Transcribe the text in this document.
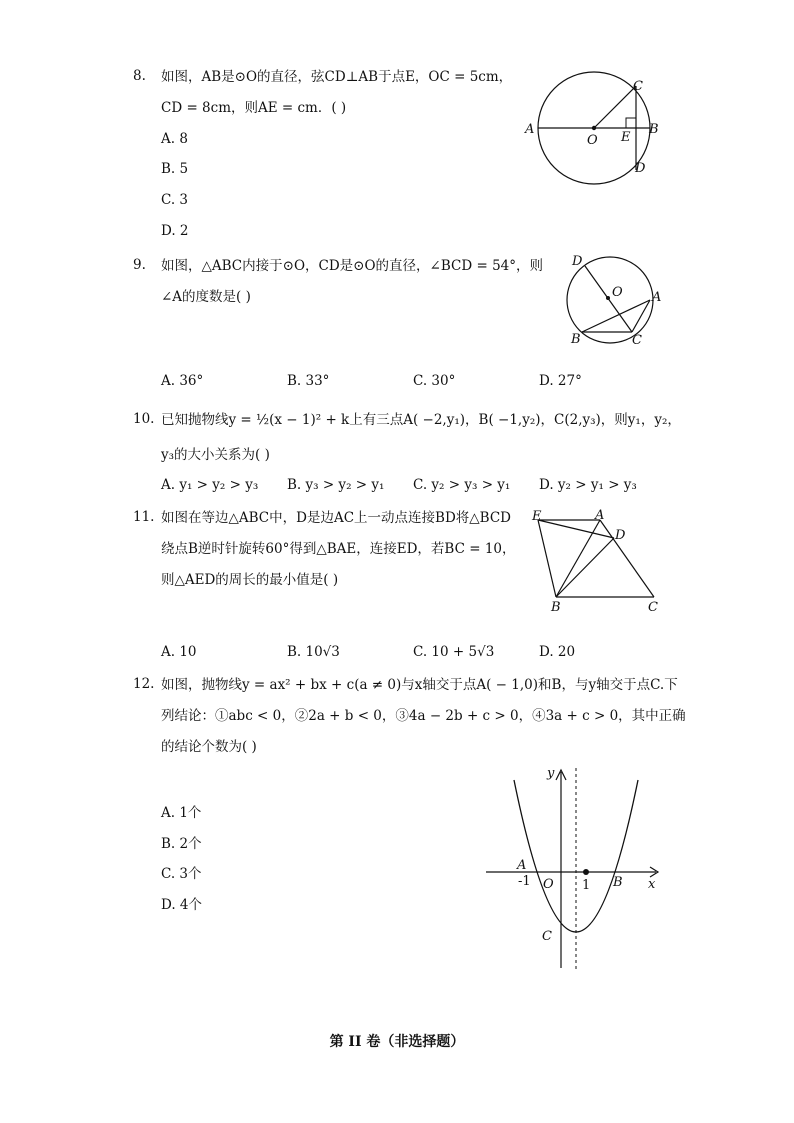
8. 如图，AB是⊙O的直径，弦CD⊥AB于点E，OC = 5cm，
CD = 8cm，则AE = cm．( )
A. 8
B. 5
C. 3
D. 2
A
O E
B
C
D
9. 如图，△ABC内接于⊙O，CD是⊙O的直径，∠BCD = 54°，则
∠A的度数是( )
A. 36°	B. 33°	C. 30°	D. 27°
D
O A
B	C
10. 已知抛物线y = ½(x − 1)² + k上有三点A( −2,y₁)，B( −1,y₂)，C(2,y₃)，则y₁，y₂，
y₃的大小关系为( )
A. y₁ > y₂ > y₃ B. y₃ > y₂ > y₁ C. y₂ > y₃ > y₁ D. y₂ > y₁ > y₃
11. 如图在等边△ABC中，D是边AC上一动点连接BD将△BCD
绕点B逆时针旋转60°得到△BAE，连接ED，若BC = 10，
则△AED的周长的最小值是( )
A. 10	B. 10√3	C. 10 + 5√3	D. 20
E	A
D
B	C
12. 如图，抛物线y = ax² + bx + c(a ≠ 0)与x轴交于点A( − 1,0)和B，与y轴交于点C.下
列结论：①abc < 0，②2a + b < 0，③4a − 2b + c > 0，④3a + c > 0，其中正确
的结论个数为( )
A. 1个
B. 2个
C. 3个
D. 4个
y
x
A
-1 O 1 B
C
第 II 卷（非选择题）
